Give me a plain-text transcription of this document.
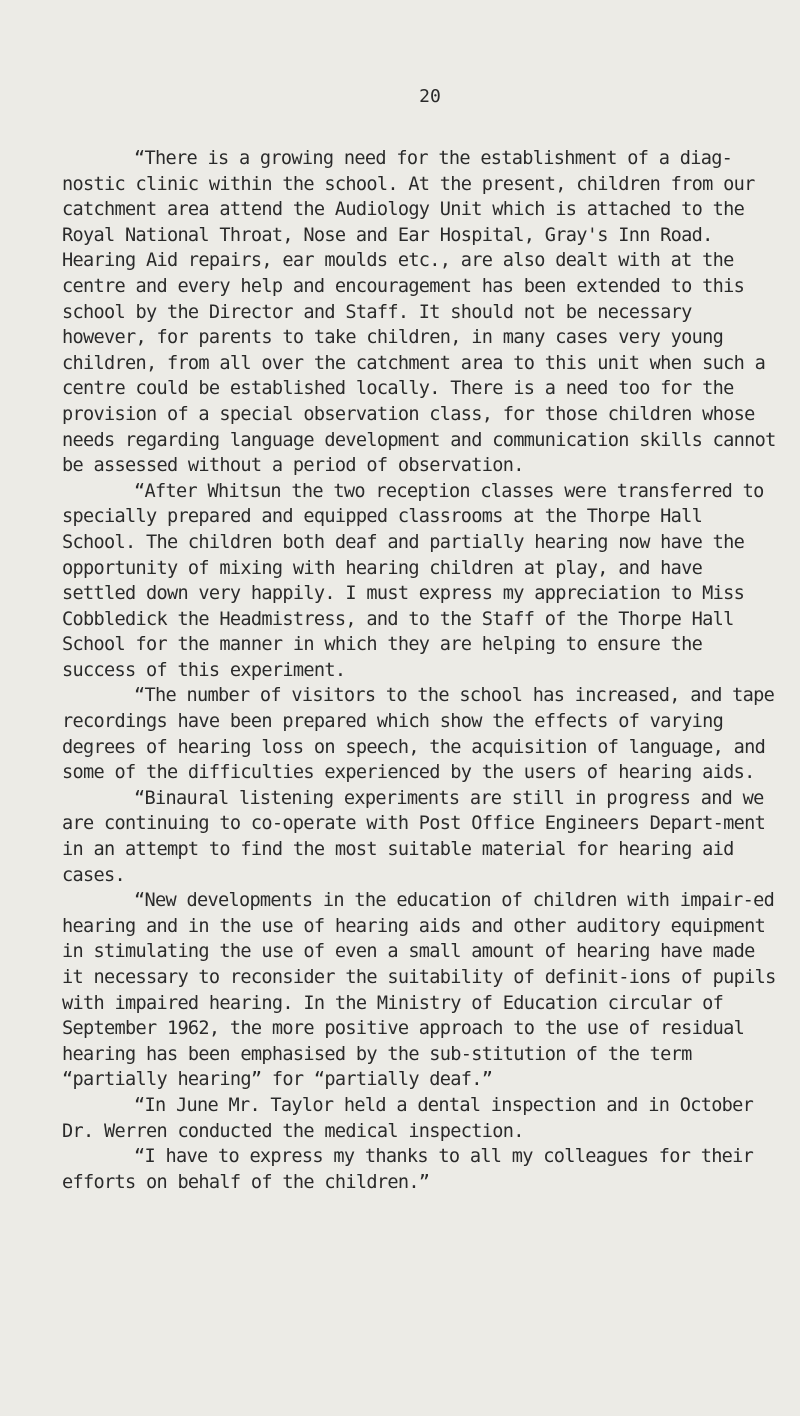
20

“There is a growing need for the establishment of a diag-nostic clinic within the school. At the present, children from our catchment area attend the Audiology Unit which is attached to the Royal National Throat, Nose and Ear Hospital, Gray's Inn Road. Hearing Aid repairs, ear moulds etc., are also dealt with at the centre and every help and encouragement has been extended to this school by the Director and Staff. It should not be necessary however, for parents to take children, in many cases very young children, from all over the catchment area to this unit when such a centre could be established locally. There is a need too for the provision of a special observation class, for those children whose needs regarding language development and communication skills cannot be assessed without a period of observation.

“After Whitsun the two reception classes were transferred to specially prepared and equipped classrooms at the Thorpe Hall School. The children both deaf and partially hearing now have the opportunity of mixing with hearing children at play, and have settled down very happily. I must express my appreciation to Miss Cobbledick the Headmistress, and to the Staff of the Thorpe Hall School for the manner in which they are helping to ensure the success of this experiment.

“The number of visitors to the school has increased, and tape recordings have been prepared which show the effects of varying degrees of hearing loss on speech, the acquisition of language, and some of the difficulties experienced by the users of hearing aids.

“Binaural listening experiments are still in progress and we are continuing to co-operate with Post Office Engineers Depart-ment in an attempt to find the most suitable material for hearing aid cases.

“New developments in the education of children with impair-ed hearing and in the use of hearing aids and other auditory equipment in stimulating the use of even a small amount of hearing have made it necessary to reconsider the suitability of definit-ions of pupils with impaired hearing. In the Ministry of Education circular of September 1962, the more positive approach to the use of residual hearing has been emphasised by the sub-stitution of the term “partially hearing” for “partially deaf.”

“In June Mr. Taylor held a dental inspection and in October Dr. Werren conducted the medical inspection.

“I have to express my thanks to all my colleagues for their efforts on behalf of the children.”
